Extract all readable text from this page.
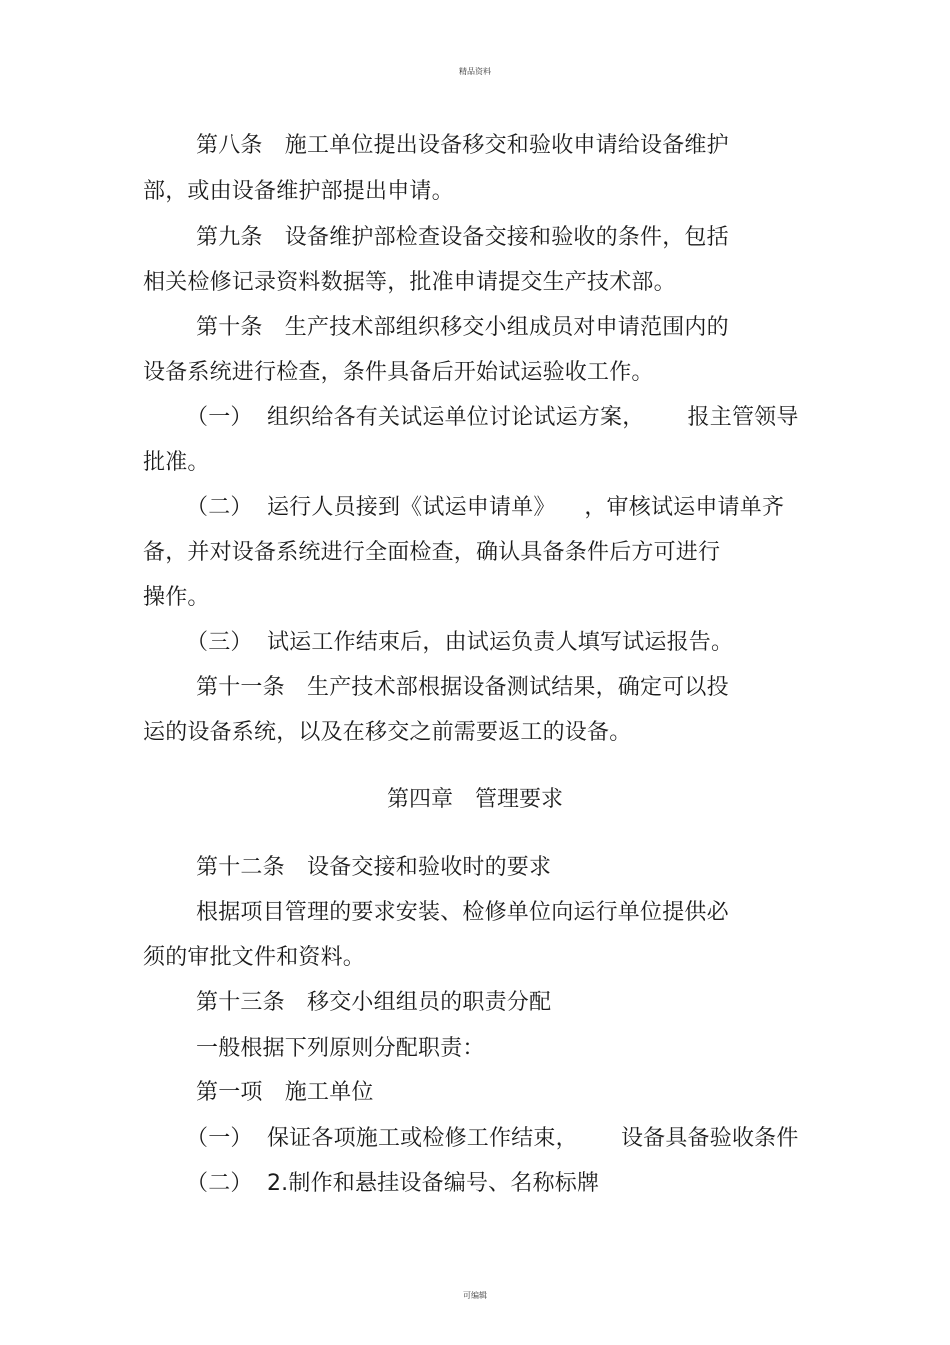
精品资料
第八条　施工单位提出设备移交和验收申请给设备维护
部，或由设备维护部提出申请。
第九条　设备维护部检查设备交接和验收的条件，包括
相关检修记录资料数据等，批准申请提交生产技术部。
第十条　生产技术部组织移交小组成员对申请范围内的
设备系统进行检查，条件具备后开始试运验收工作。
（一）  组织给各有关试运单位讨论试运方案，      报主管领导
批准。
（二）  运行人员接到《试运申请单》    ，审核试运申请单齐
备，并对设备系统进行全面检查，确认具备条件后方可进行
操作。
（三）  试运工作结束后，由试运负责人填写试运报告。
第十一条　生产技术部根据设备测试结果，确定可以投
运的设备系统，以及在移交之前需要返工的设备。
第四章　管理要求
第十二条　设备交接和验收时的要求
根据项目管理的要求安装、检修单位向运行单位提供必
须的审批文件和资料。
第十三条　移交小组组员的职责分配
一般根据下列原则分配职责：
第一项　施工单位
（一）  保证各项施工或检修工作结束，      设备具备验收条件
（二）  2.制作和悬挂设备编号、名称标牌
可编辑
